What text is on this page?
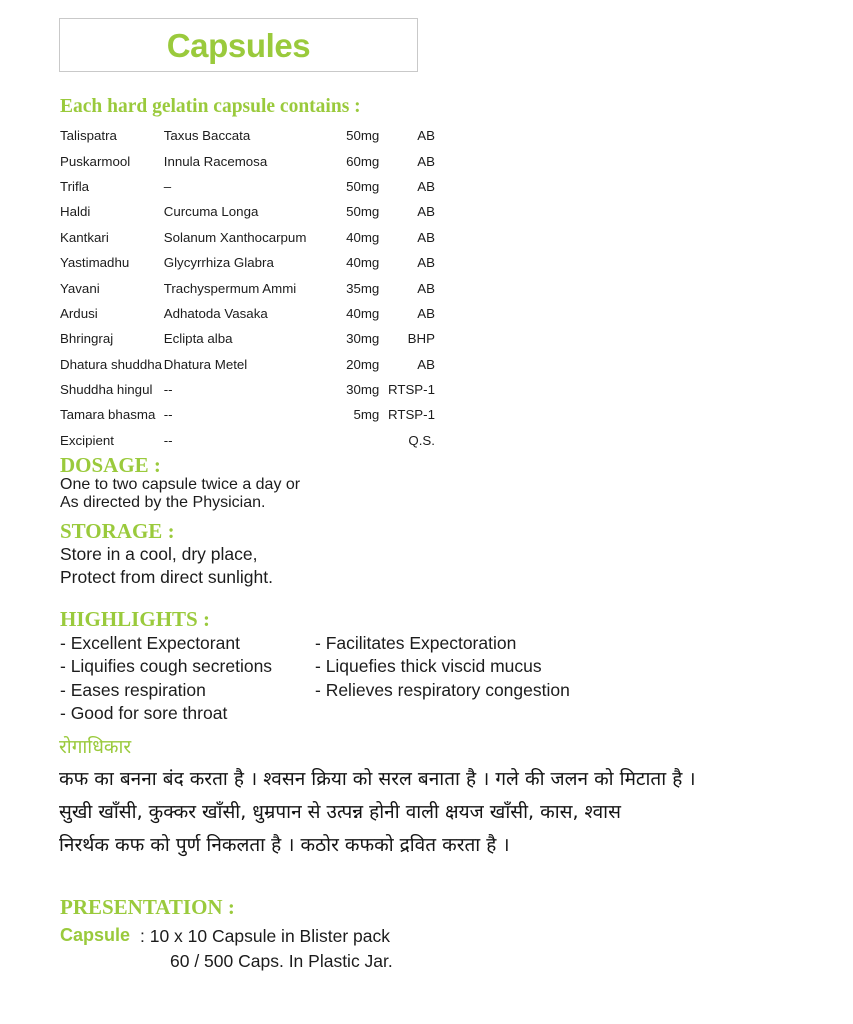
Capsules
Each hard gelatin capsule contains :
Talispatra	Taxus Baccata	50mg	AB
Puskarmool	Innula Racemosa	60mg	AB
Trifla	–	50mg	AB
Haldi	Curcuma Longa	50mg	AB
Kantkari	Solanum Xanthocarpum	40mg	AB
Yastimadhu	Glycyrrhiza Glabra	40mg	AB
Yavani	Trachyspermum Ammi	35mg	AB
Ardusi	Adhatoda Vasaka	40mg	AB
Bhringraj	Eclipta alba	30mg	BHP
Dhatura shuddha	Dhatura Metel	20mg	AB
Shuddha hingul	--	30mg	RTSP-1
Tamara bhasma	--	5mg	RTSP-1
Excipient	--		Q.S.
DOSAGE :
One to two capsule twice a day or
As directed by the Physician.
STORAGE :
Store in a cool, dry place,
Protect from direct sunlight.
HIGHLIGHTS :
- Excellent Expectorant
- Liquifies cough secretions
- Eases respiration
- Good for sore throat
- Facilitates Expectoration
- Liquefies thick viscid mucus
- Relieves respiratory congestion
रोगाधिकार
कफ का बनना बंद करता है । श्वसन क्रिया को सरल बनाता है । गले की जलन को मिटाता है ।
सुखी खाँसी, कुक्कर खाँसी, धुम्रपान से उत्पन्न होनी वाली क्षयज खाँसी, कास, श्वास
निरर्थक कफ को पुर्ण निकलता है । कठोर कफको द्रवित करता है ।
PRESENTATION :
Capsule : 10 x 10 Capsule in Blister pack
60 / 500 Caps. In Plastic Jar.
